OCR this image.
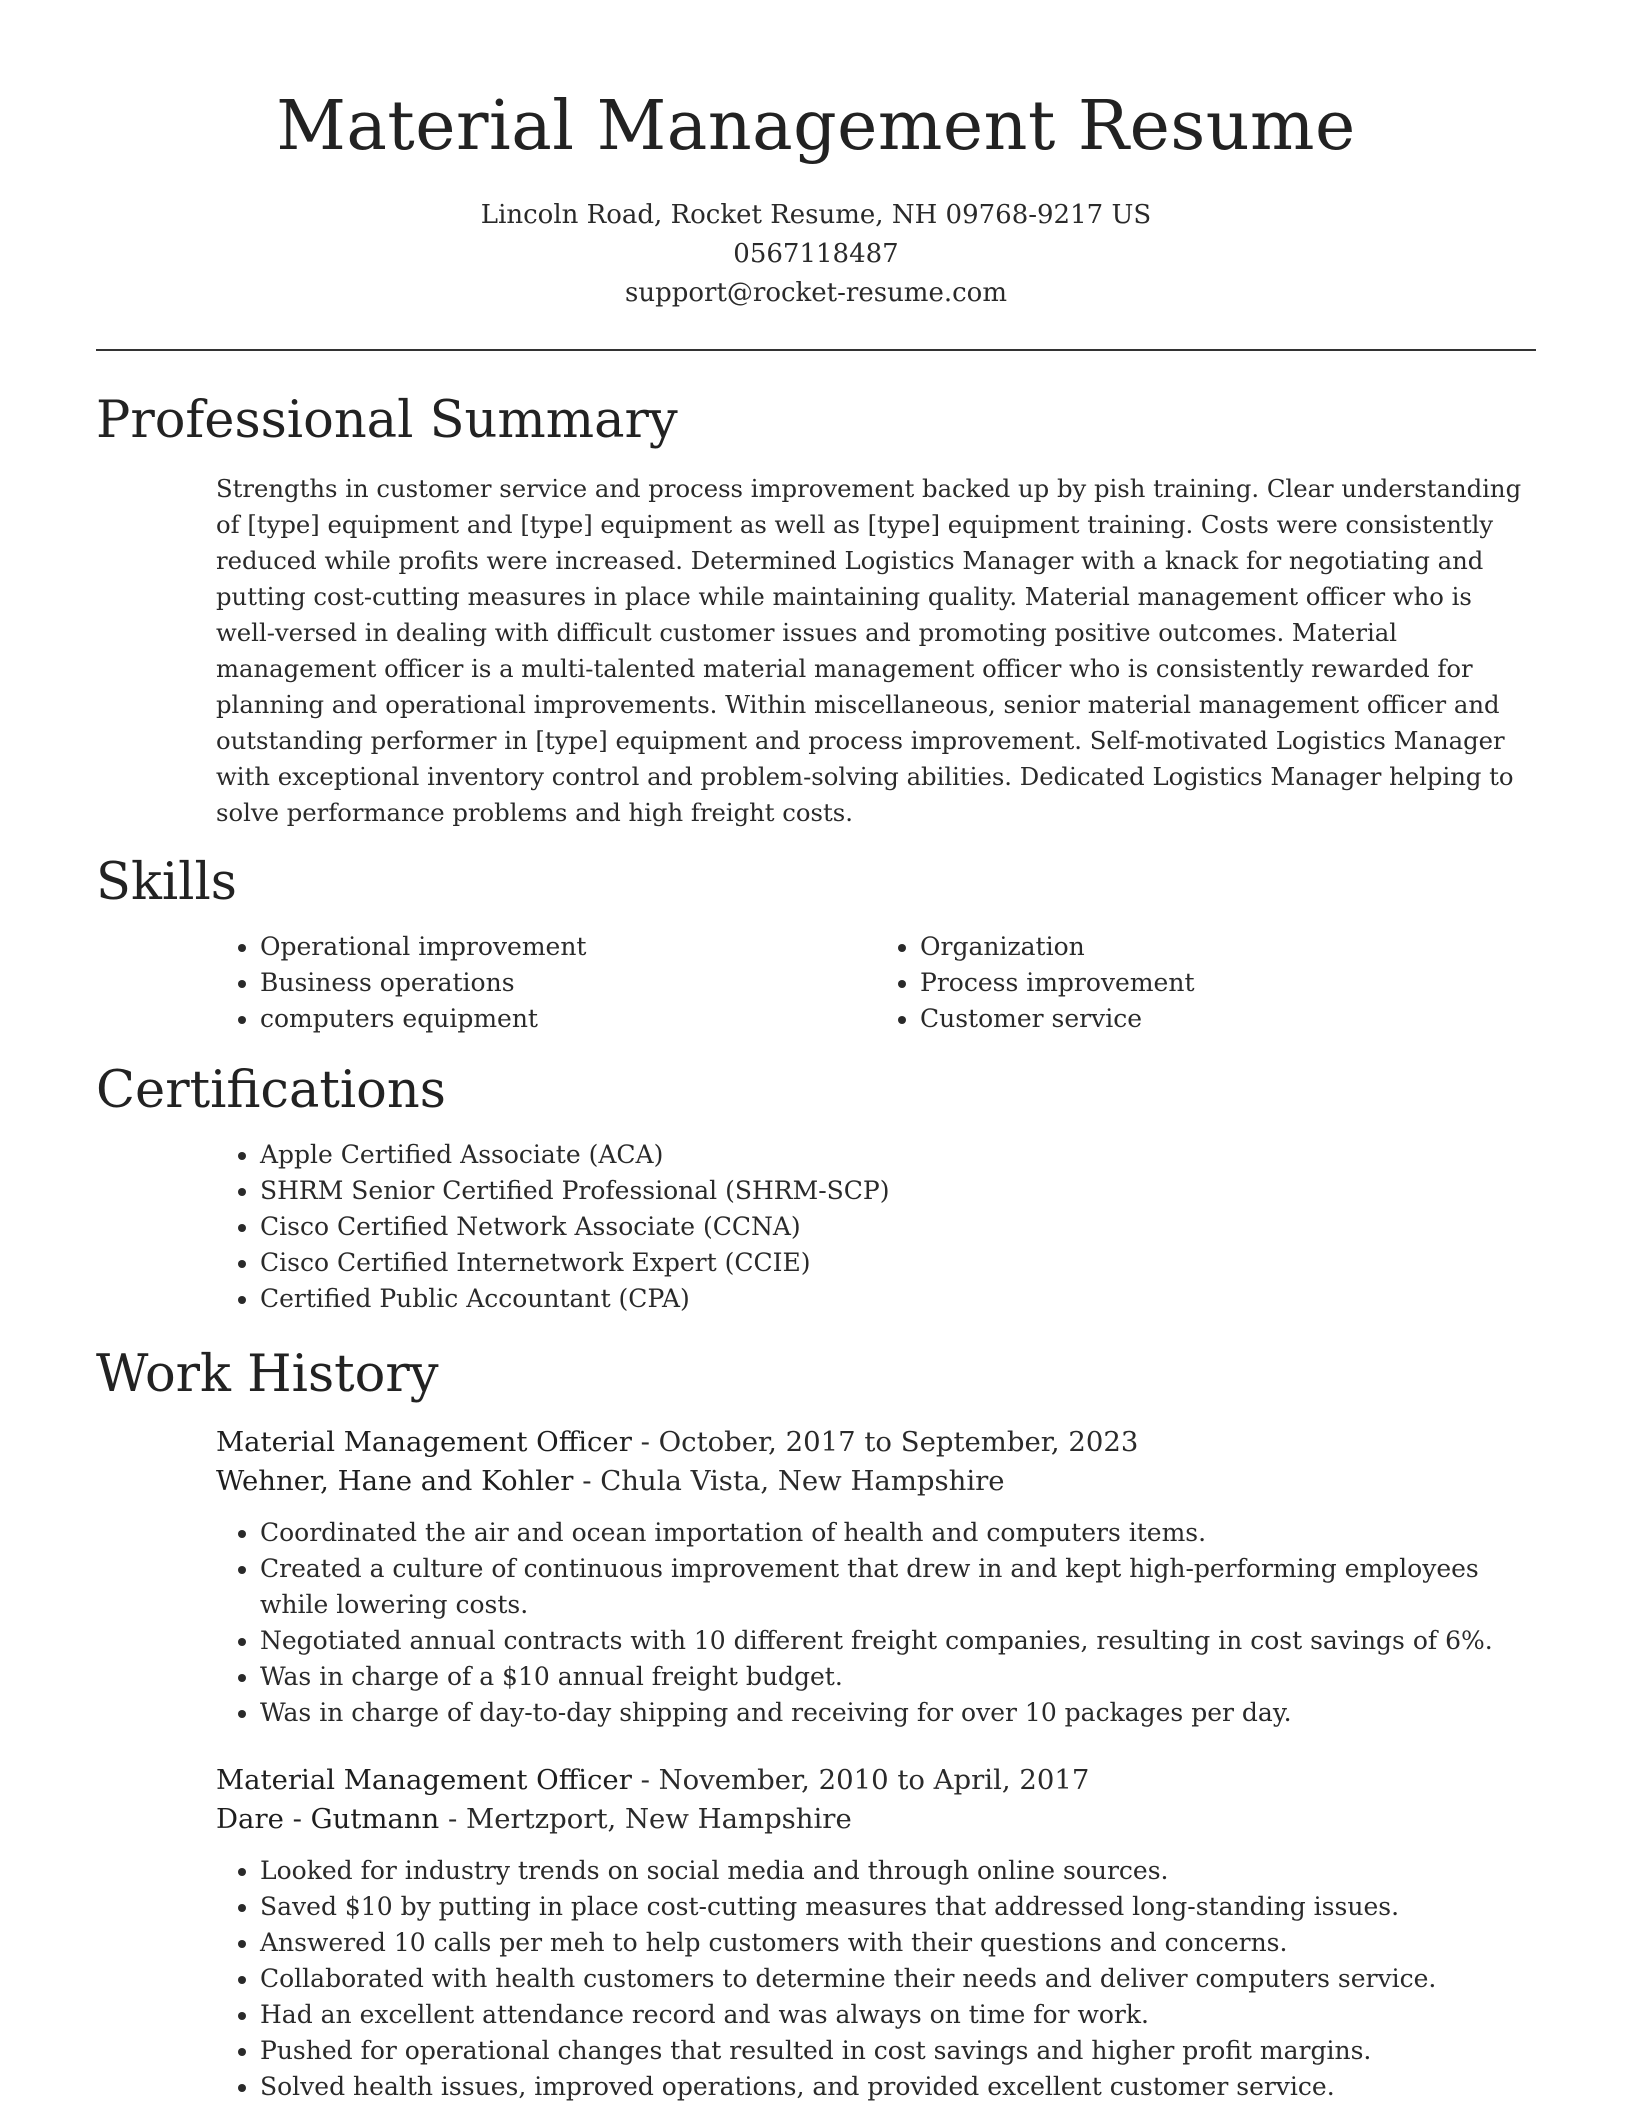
Material Management Resume
Lincoln Road, Rocket Resume, NH 09768-9217 US
0567118487
support@rocket-resume.com
Professional Summary

Strengths in customer service and process improvement backed up by pish training. Clear understanding of [type] equipment and [type] equipment as well as [type] equipment training. Costs were consistently reduced while profits were increased. Determined Logistics Manager with a knack for negotiating and putting cost-cutting measures in place while maintaining quality. Material management officer who is well-versed in dealing with difficult customer issues and promoting positive outcomes. Material management officer is a multi-talented material management officer who is consistently rewarded for planning and operational improvements. Within miscellaneous, senior material management officer and outstanding performer in [type] equipment and process improvement. Self-motivated Logistics Manager with exceptional inventory control and problem-solving abilities. Dedicated Logistics Manager helping to solve performance problems and high freight costs.

Skills
• Operational improvement
• Business operations
• computers equipment
• Organization
• Process improvement
• Customer service
Certifications
• Apple Certified Associate (ACA)
• SHRM Senior Certified Professional (SHRM-SCP)
• Cisco Certified Network Associate (CCNA)
• Cisco Certified Internetwork Expert (CCIE)
• Certified Public Accountant (CPA)
Work History
Material Management Officer - October, 2017 to September, 2023
Wehner, Hane and Kohler - Chula Vista, New Hampshire
• Coordinated the air and ocean importation of health and computers items.
• Created a culture of continuous improvement that drew in and kept high-performing employees while lowering costs.
• Negotiated annual contracts with 10 different freight companies, resulting in cost savings of 6%.
• Was in charge of a $10 annual freight budget.
• Was in charge of day-to-day shipping and receiving for over 10 packages per day.
Material Management Officer - November, 2010 to April, 2017
Dare - Gutmann - Mertzport, New Hampshire
• Looked for industry trends on social media and through online sources.
• Saved $10 by putting in place cost-cutting measures that addressed long-standing issues.
• Answered 10 calls per meh to help customers with their questions and concerns.
• Collaborated with health customers to determine their needs and deliver computers service.
• Had an excellent attendance record and was always on time for work.
• Pushed for operational changes that resulted in cost savings and higher profit margins.
• Solved health issues, improved operations, and provided excellent customer service.
